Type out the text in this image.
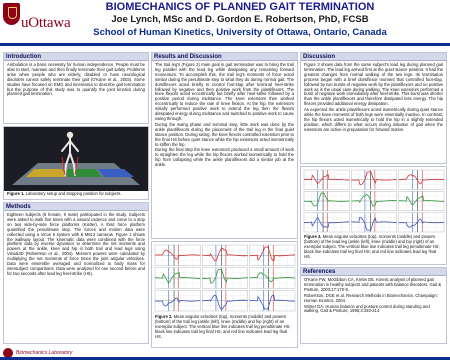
uOttawa
BIOMECHANICS OF PLANNED GAIT TERMINATION
Joe Lynch, MSc and D. Gordon E. Robertson, PhD, FCSB
School of Human Kinetics, University of Ottawa, Ontario, Canada
Introduction
Ambulation is a basic necessity for human independence. People must be able to start, maintain and then finally terminate their gait safely. Problems arise when people who are elderly, disabled or have neurological disorders cannot safely terminate their gait (O'Kane et al., 2003). Some studies have focused on EMG and kinematics to describe gait termination but the purpose of this study was to quantify the joint kinetics during planned gait termination.
Figure 1. Laboratory setup and stopping position for subjects.
Methods
Eighteen subjects (8 female, 9 male) participated in the study. Subjects were asked to walk five times with a natural cadence and come to a stop on two side-by-side force platforms (Kistler). A third force platform quantified the penultimate step. The forces and motion data were collected using a Vicon 5 system with 6 M613 cameras. Figure 1 shows the walkway layout. The kinematic data were combined with the force platform data by inverse dynamics to determine the net moments and powers at the ankle, knee and hip in both trail and lead legs using Visual3D (Robertson et al., 2004). Moment powers were calculated by multiplying the net moments of force times the joint angular velocities. Data were ensemble averaged and normalized to body mass for intersubject comparisons. Data were analyzed for one second before and for two seconds after lead leg heel-strike (HS).
Results and Discussion

The trail leg's (Figure 2) main goal in gait termination was to bring the trail leg parallel with the lead leg while dissipating any remaining forward momentum. To accomplish this, the trail leg's moments of force acted similar during the penultimate step to what they do during normal gait. The dorsiflexors acted briefly to control foot-slap after terminal heel-strike followed by negative and then positive work from the plantiflexors. The knee flexors acted eccentrically but briefly after heel-strike followed by a positive period during midstance. The knee extensors then worked eccentrically to reduce the rate of knee flexion. At the hip, the extensors initially performed positive work to extend the leg then the flexors dissipated energy during midstance and switched to positive work to cause swing through.

During the swing phase and terminal step, little work was done by the ankle plantiflexors during the placement of the trail leg in the final quiet stance position. During swing, the knee flexors controlled extension prior to the final HS before quiet stance while the hip extensors acted isometrically to stiffen the hip.

During the final step the knee extensors produced a small amount of work to straighten the leg while the hip flexors worked isometrically to hold the hip from collapsing while the ankle plantiflexors did a similar job at the ankle.

Figure 2. Mean angular velocities (top), moments (middle) and powers (bottom) of the trail leg (ankle (left), knee (middle) and hip (right) of an exemplar subject. The vertical blue line indicates trail leg penultimate HS; black line indicates trail leg final HS; and red line indicates lead leg final HS.
Discussion

Figure 3 shows data from the same subject's lead leg during planned gait termination. The lead leg arrived first at the quiet stance position. It had the greatest changes from normal walking of the two legs. Its termination process began with a brief dorsiflexor moment that controlled foot-slap, followed by two bursts of negative work by the plantiflexors and no positive work as is the usual case during walking. The knee extensors performed a burst of negative work immediately after heel-strike. This burst was shorter than the ankle plantiflexors and therefore dissipated less energy. The hip flexors provided additional energy dissipation.

As expected the ankle plantiflexors acted isometrically during quiet stance while the knee moments of both legs were essentially inactive. In contrast, the hip flexors acted isometrically to hold the hip in a slightly extended position, which differs to what occurs during initiation of gait when the extensors are active in preparation for forward motion.

Figure 3. Mean angular velocities (top), moments (middle) and powers (bottom) of the lead leg (ankle (left), knee (middle) and hip (right) of an exemplar subject. The vertical blue line indicates trail leg penultimate HS; black line indicates trail leg final HS; and red line indicates lead leg final HS.
References

O'Kane FW, McGibbon CA, Krebs DE. Kinetic analysis of planned gait termination in healthy subjects and patients with balance disorders. Gait & Posture, 2003;17:170-9.

Robertson, DGE et al. Research Methods in Biomechanics. Champaign: Human Kinetics, 2004.

Winter DA. Human balance and posture control during standing and walking. Gait & Posture, 1995;3:193-214.

Biomechanics Laboratory
